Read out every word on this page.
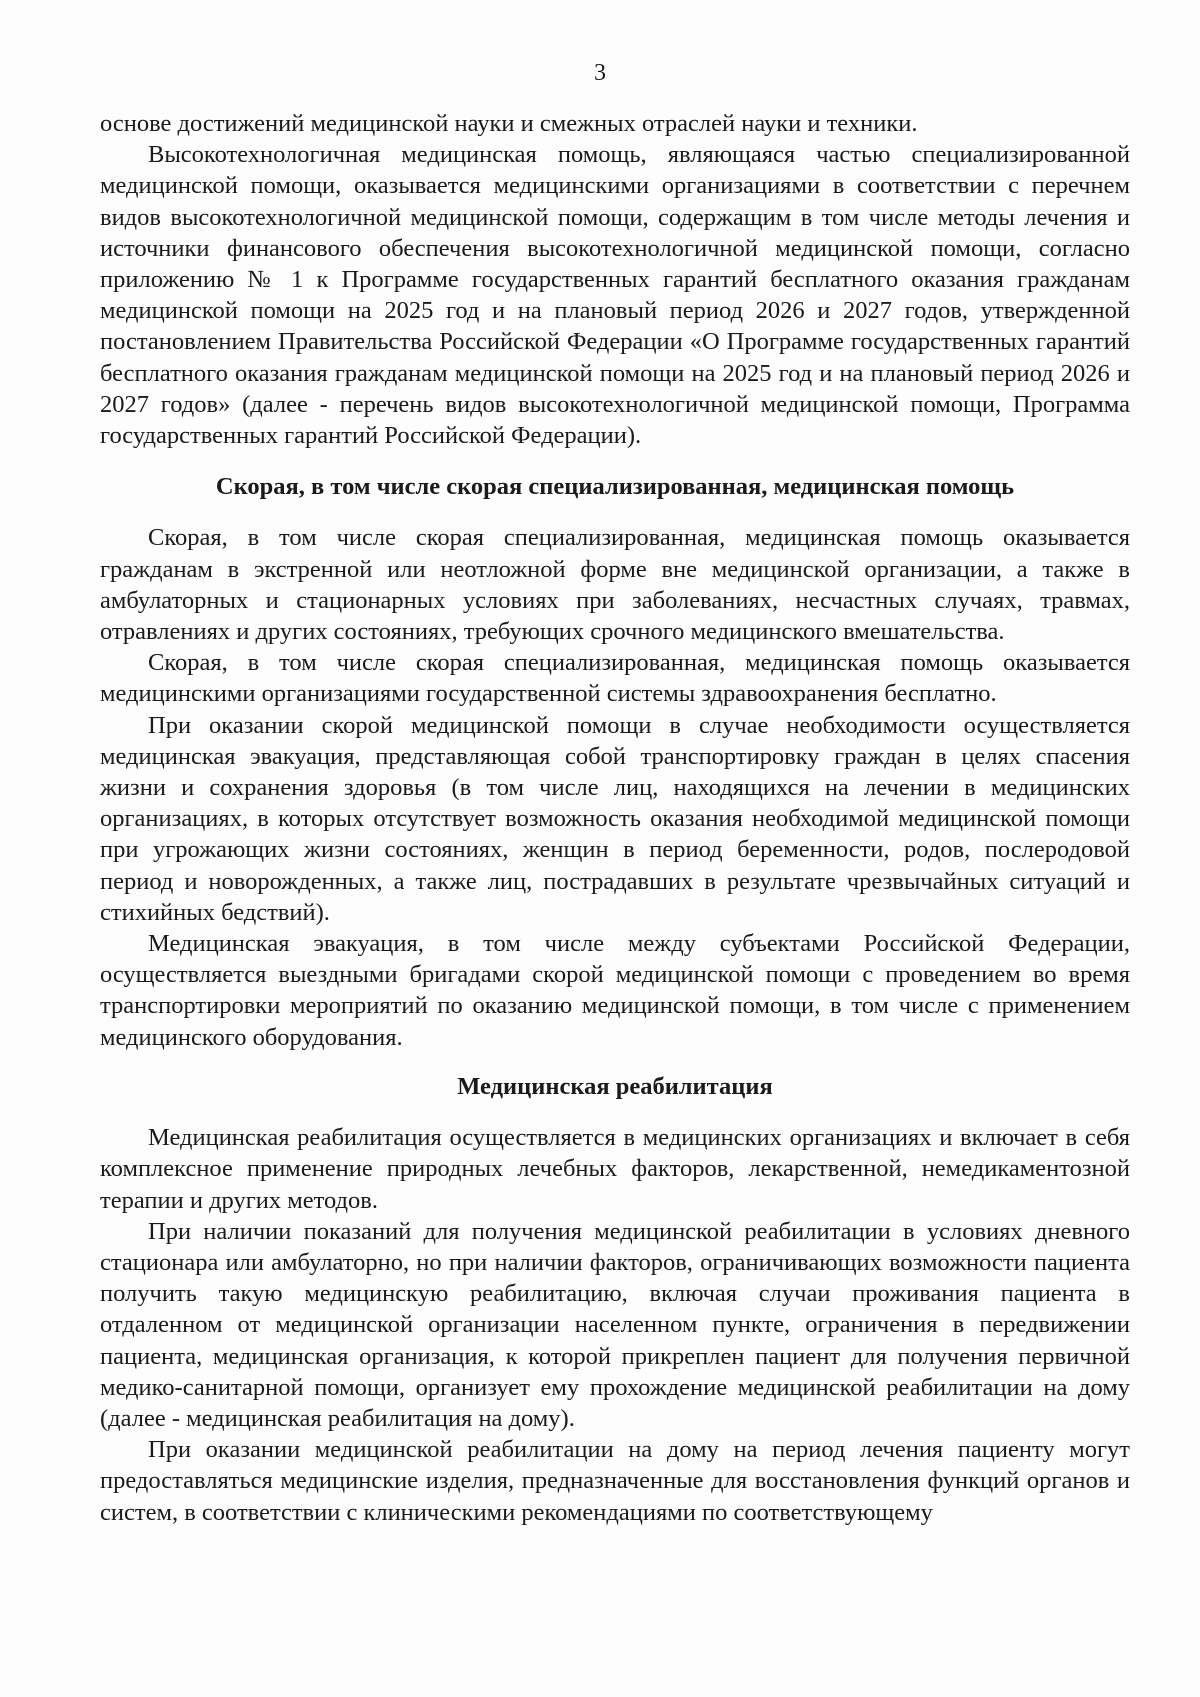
3

основе достижений медицинской науки и смежных отраслей науки и техники.

Высокотехнологичная медицинская помощь, являющаяся частью специализированной медицинской помощи, оказывается медицинскими организациями в соответствии с перечнем видов высокотехнологичной медицинской помощи, содержащим в том числе методы лечения и источники финансового обеспечения высокотехнологичной медицинской помощи, согласно приложению № 1 к Программе государственных гарантий бесплатного оказания гражданам медицинской помощи на 2025 год и на плановый период 2026 и 2027 годов, утвержденной постановлением Правительства Российской Федерации «О Программе государственных гарантий бесплатного оказания гражданам медицинской помощи на 2025 год и на плановый период 2026 и 2027 годов» (далее - перечень видов высокотехнологичной медицинской помощи, Программа государственных гарантий Российской Федерации).

Скорая, в том числе скорая специализированная, медицинская помощь

Скорая, в том числе скорая специализированная, медицинская помощь оказывается гражданам в экстренной или неотложной форме вне медицинской организации, а также в амбулаторных и стационарных условиях при заболеваниях, несчастных случаях, травмах, отравлениях и других состояниях, требующих срочного медицинского вмешательства.

Скорая, в том числе скорая специализированная, медицинская помощь оказывается медицинскими организациями государственной системы здравоохранения бесплатно.

При оказании скорой медицинской помощи в случае необходимости осуществляется медицинская эвакуация, представляющая собой транспортировку граждан в целях спасения жизни и сохранения здоровья (в том числе лиц, находящихся на лечении в медицинских организациях, в которых отсутствует возможность оказания необходимой медицинской помощи при угрожающих жизни состояниях, женщин в период беременности, родов, послеродовой период и новорожденных, а также лиц, пострадавших в результате чрезвычайных ситуаций и стихийных бедствий).

Медицинская эвакуация, в том числе между субъектами Российской Федерации, осуществляется выездными бригадами скорой медицинской помощи с проведением во время транспортировки мероприятий по оказанию медицинской помощи, в том числе с применением медицинского оборудования.

Медицинская реабилитация

Медицинская реабилитация осуществляется в медицинских организациях и включает в себя комплексное применение природных лечебных факторов, лекарственной, немедикаментозной терапии и других методов.

При наличии показаний для получения медицинской реабилитации в условиях дневного стационара или амбулаторно, но при наличии факторов, ограничивающих возможности пациента получить такую медицинскую реабилитацию, включая случаи проживания пациента в отдаленном от медицинской организации населенном пункте, ограничения в передвижении пациента, медицинская организация, к которой прикреплен пациент для получения первичной медико-санитарной помощи, организует ему прохождение медицинской реабилитации на дому (далее - медицинская реабилитация на дому).

При оказании медицинской реабилитации на дому на период лечения пациенту могут предоставляться медицинские изделия, предназначенные для восстановления функций органов и систем, в соответствии с клиническими рекомендациями по соответствующему
